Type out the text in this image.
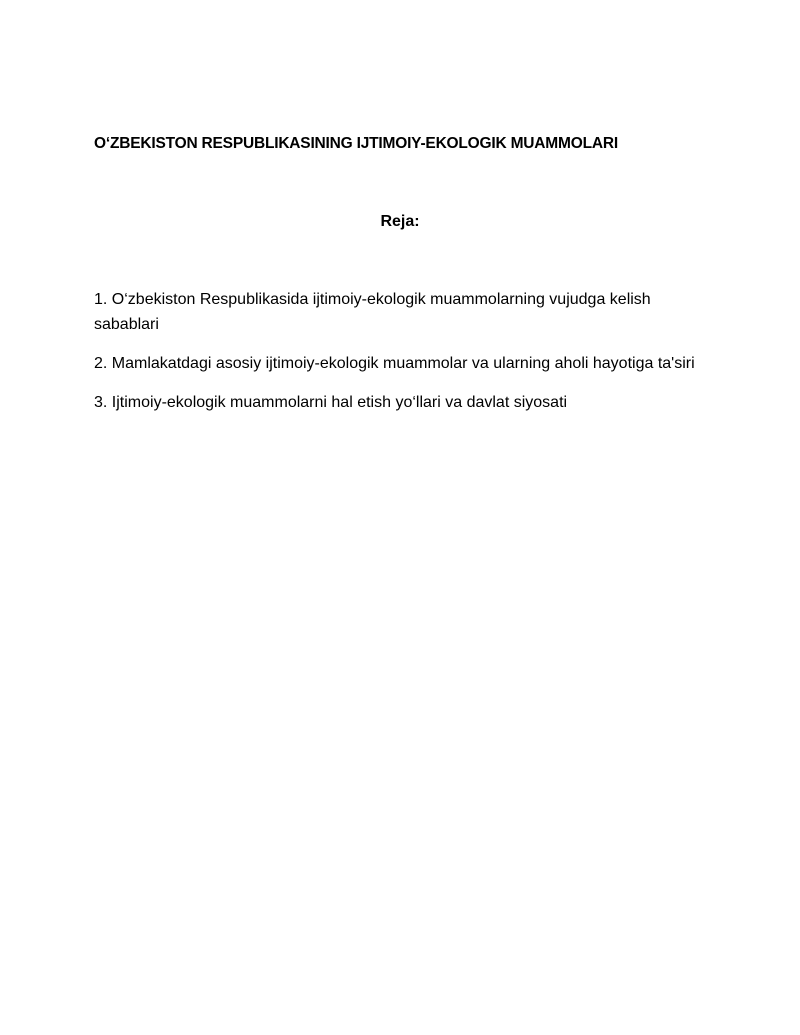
O‘ZBEKISTON RESPUBLIKASINING IJTIMOIY-EKOLOGIK MUAMMOLARI
Reja:
1. O‘zbekiston Respublikasida ijtimoiy-ekologik muammolarning vujudga kelish sabablari
2. Mamlakatdagi asosiy ijtimoiy-ekologik muammolar va ularning aholi hayotiga ta'siri
3. Ijtimoiy-ekologik muammolarni hal etish yo‘llari va davlat siyosati
